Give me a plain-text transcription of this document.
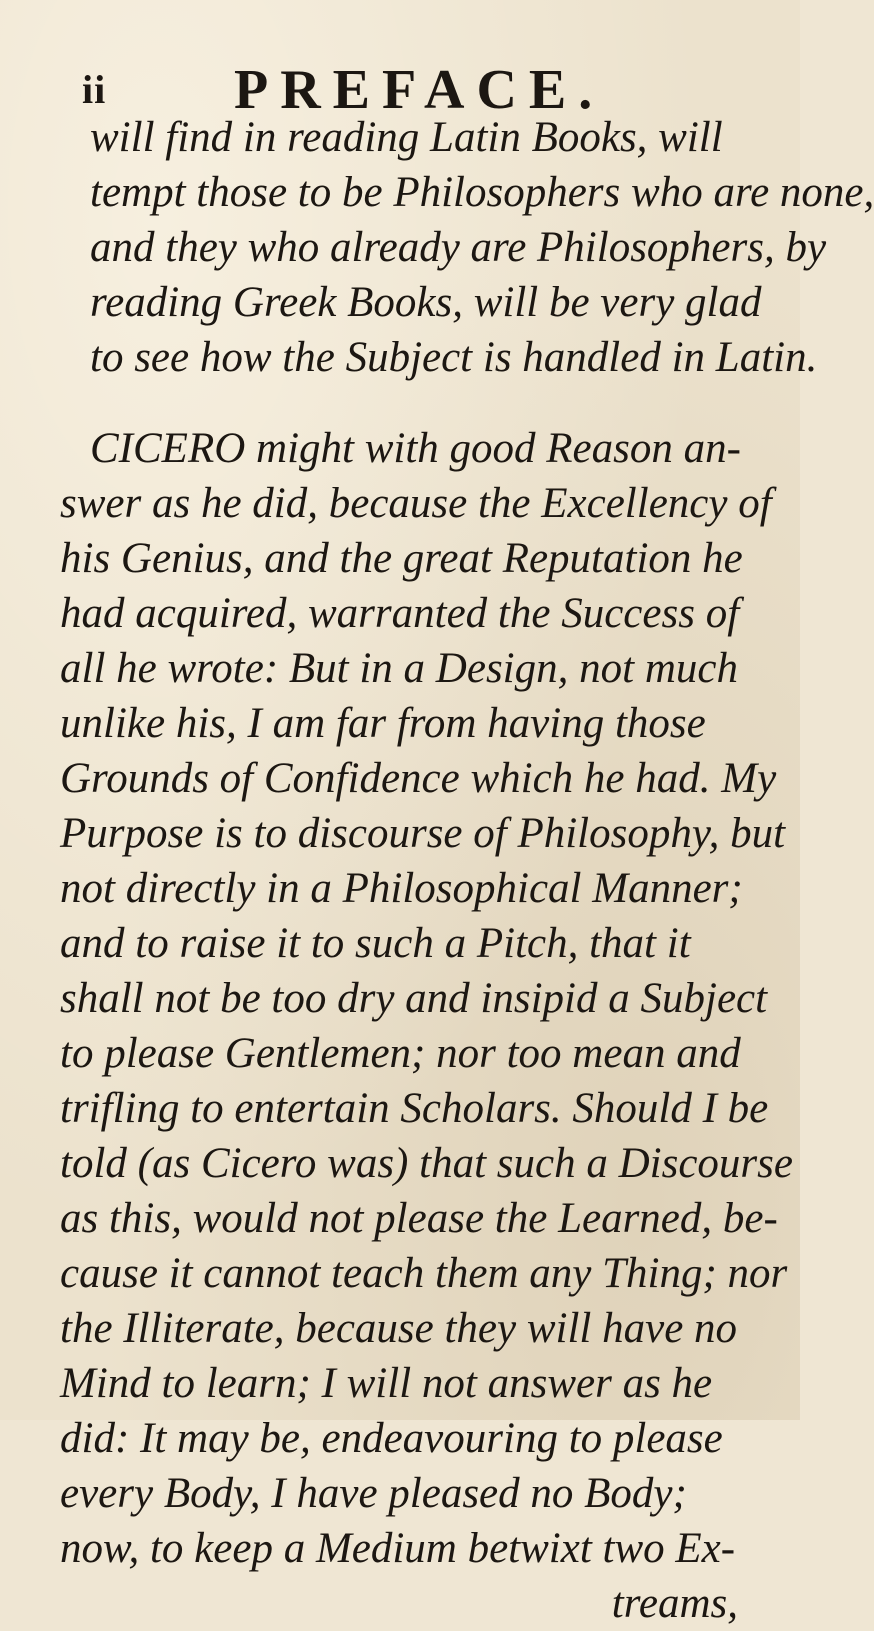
ii PREFACE.
will find in reading Latin Books, will
tempt those to be Philosophers who are none,
and they who already are Philosophers, by
reading Greek Books, will be very glad
to see how the Subject is handled in Latin.
CICERO might with good Reason an-
swer as he did, because the Excellency of
his Genius, and the great Reputation he
had acquired, warranted the Success of
all he wrote: But in a Design, not much
unlike his, I am far from having those
Grounds of Confidence which he had. My
Purpose is to discourse of Philosophy, but
not directly in a Philosophical Manner;
and to raise it to such a Pitch, that it
shall not be too dry and insipid a Subject
to please Gentlemen; nor too mean and
trifling to entertain Scholars. Should I be
told (as Cicero was) that such a Discourse
as this, would not please the Learned, be-
cause it cannot teach them any Thing; nor
the Illiterate, because they will have no
Mind to learn; I will not answer as he
did: It may be, endeavouring to please
every Body, I have pleased no Body;
now, to keep a Medium betwixt two Ex-
treams,
